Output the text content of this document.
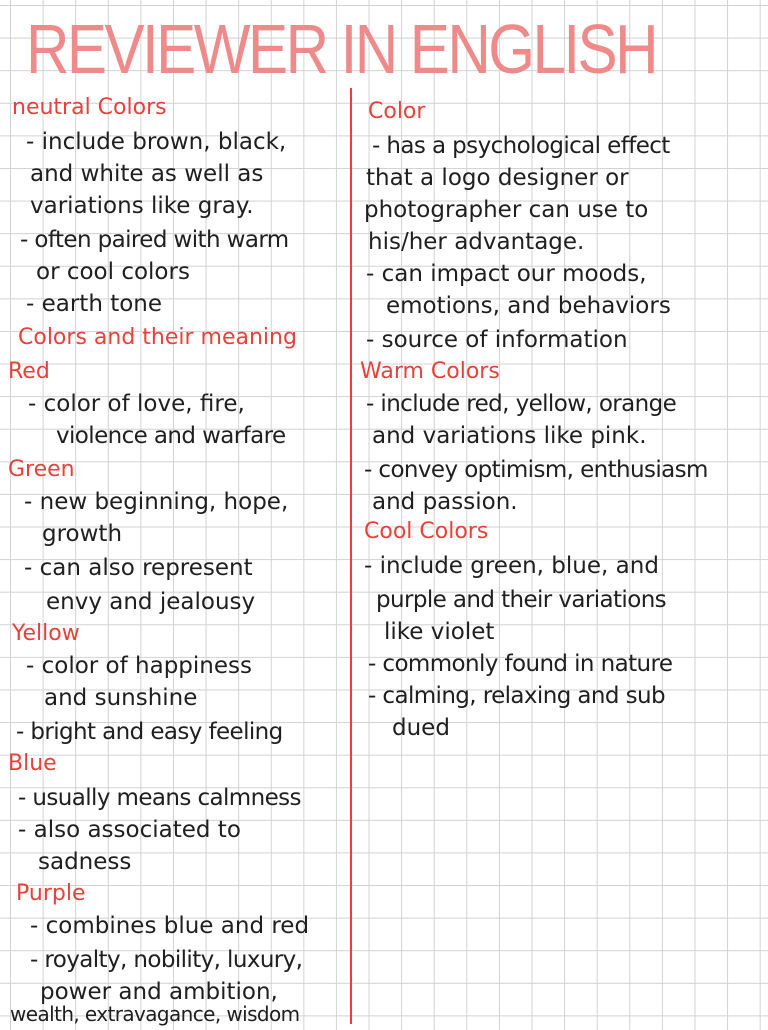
REVIEWER IN ENGLISH
neutral Colors
- include brown, black,
and white as well as
variations like gray.
- often paired with warm
or cool colors
- earth tone
Colors and their meaning
Red
- color of love, fire,
violence and warfare
Green
- new beginning, hope,
growth
- can also represent
envy and jealousy
Yellow
- color of happiness
and sunshine
- bright and easy feeling
Blue
- usually means calmness
- also associated to
sadness
Purple
- combines blue and red
- royalty, nobility, luxury,
power and ambition,
wealth, extravagance, wisdom
Color
- has a psychological effect
that a logo designer or
photographer can use to
his/her advantage.
- can impact our moods,
emotions, and behaviors
- source of information
Warm Colors
- include red, yellow, orange
and variations like pink.
- convey optimism, enthusiasm
and passion.
Cool Colors
- include green, blue, and
purple and their variations
like violet
- commonly found in nature
- calming, relaxing and sub
dued
